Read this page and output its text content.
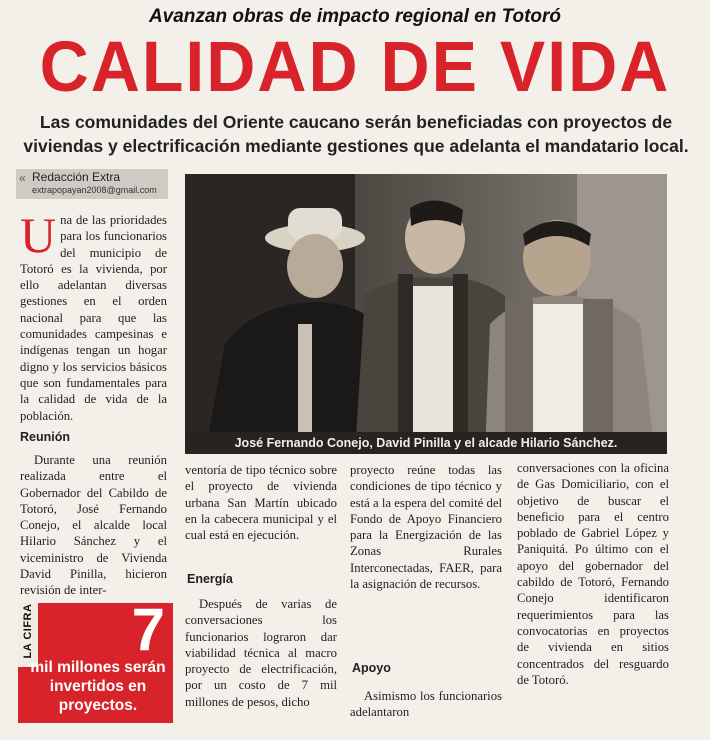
Avanzan obras de impacto regional en Totoró
CALIDAD DE VIDA
Las comunidades del Oriente caucano serán beneficiadas con proyectos de viviendas y electrificación mediante gestiones que adelanta el mandatario local.
« Redacción Extra
extrapopayan2008@gmail.com
José Fernando Conejo, David Pinilla y el alcade Hilario Sánchez.
Una de las prioridades para los funcionarios del municipio de Totoró es la vivienda, por ello adelantan diversas gestiones en el orden nacional para que las comunidades campesinas e indígenas tengan un hogar digno y los servicios básicos que son fundamentales para la calidad de vida de la población.
Reunión
Durante una reunión realizada entre el Gobernador del Cabildo de Totoró, José Fernando Conejo, el alcalde local Hilario Sánchez y el viceministro de Vivienda David Pinilla, hicieron revisión de inter-
ventoría de tipo técnico sobre el proyecto de vivienda urbana San Martín ubicado en la cabecera municipal y el cual está en ejecución.
Energía
Después de varias de conversaciones los funcionarios lograron dar viabilidad técnica al macro proyecto de electrificación, por un costo de 7 mil millones de pesos, dicho
proyecto reúne todas las condiciones de tipo técnico y está a la espera del comité del Fondo de Apoyo Financiero para la Energización de las Zonas Rurales Interconectadas, FAER, para la asignación de recursos.
Apoyo
Asimismo los funcionarios adelantaron
conversaciones con la oficina de Gas Domiciliario, con el objetivo de buscar el beneficio para el centro poblado de Gabriel López y Paniquitá. Po último con el apoyo del gobernador del cabildo de Totoró, Fernando Conejo identificaron requerimientos para las convocatorias en proyectos de vivienda en sitios concentrados del resguardo de Totoró.
LA CIFRA 7
mil millones serán invertidos en proyectos.
